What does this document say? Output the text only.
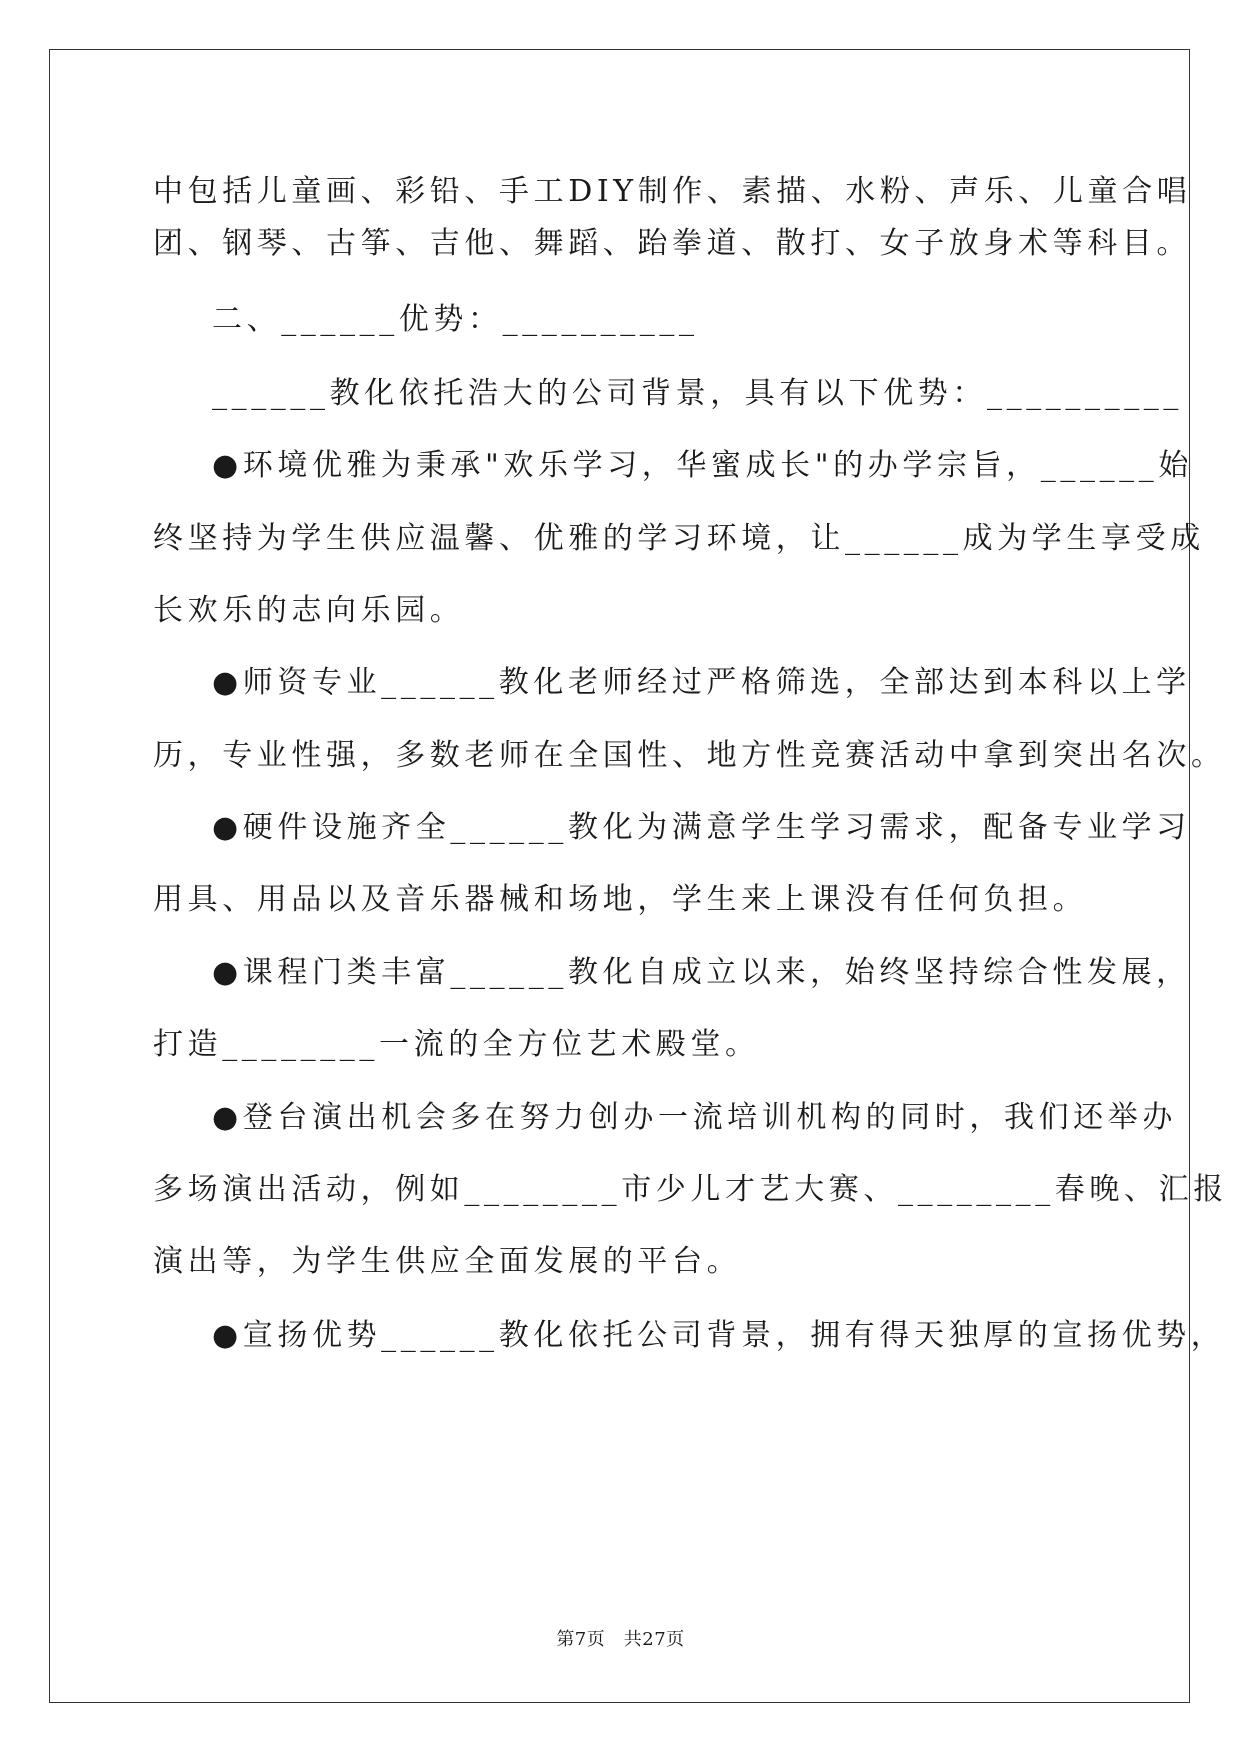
中包括儿童画、彩铅、手工DIY制作、素描、水粉、声乐、儿童合唱
团、钢琴、古筝、吉他、舞蹈、跆拳道、散打、女子放身术等科目。
二、______优势：__________
______教化依托浩大的公司背景，具有以下优势：__________
●环境优雅为秉承"欢乐学习，华蜜成长"的办学宗旨，______始
终坚持为学生供应温馨、优雅的学习环境，让______成为学生享受成
长欢乐的志向乐园。
●师资专业______教化老师经过严格筛选，全部达到本科以上学
历，专业性强，多数老师在全国性、地方性竞赛活动中拿到突出名次。
●硬件设施齐全______教化为满意学生学习需求，配备专业学习
用具、用品以及音乐器械和场地，学生来上课没有任何负担。
●课程门类丰富______教化自成立以来，始终坚持综合性发展，
打造________一流的全方位艺术殿堂。
●登台演出机会多在努力创办一流培训机构的同时，我们还举办
多场演出活动，例如________市少儿才艺大赛、________春晚、汇报
演出等，为学生供应全面发展的平台。
●宣扬优势______教化依托公司背景，拥有得天独厚的宣扬优势，
第7页　共27页
